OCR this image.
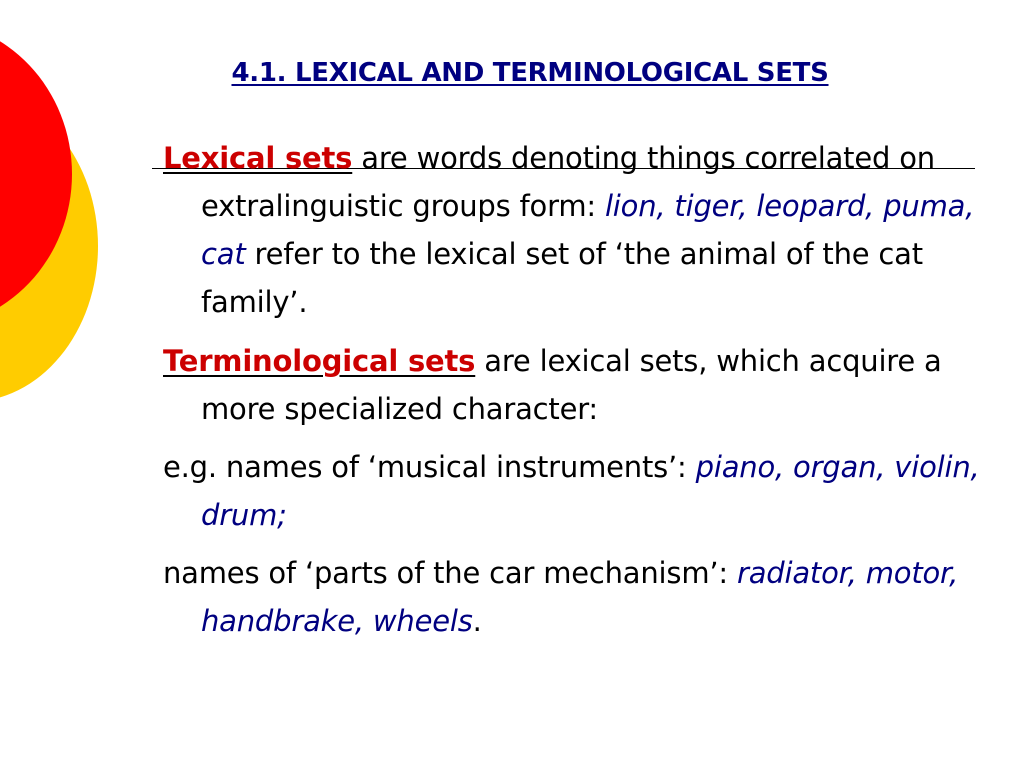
4.1. LEXICAL AND TERMINOLOGICAL SETS
Lexical sets are words denoting things correlated on extralinguistic groups form: lion, tiger, leopard, puma, cat refer to the lexical set of ‘the animal of the cat family’.
Terminological sets are lexical sets, which acquire a more specialized character:
e.g. names of ‘musical instruments’: piano, organ, violin, drum;
names of ‘parts of the car mechanism’: radiator, motor, handbrake, wheels.
